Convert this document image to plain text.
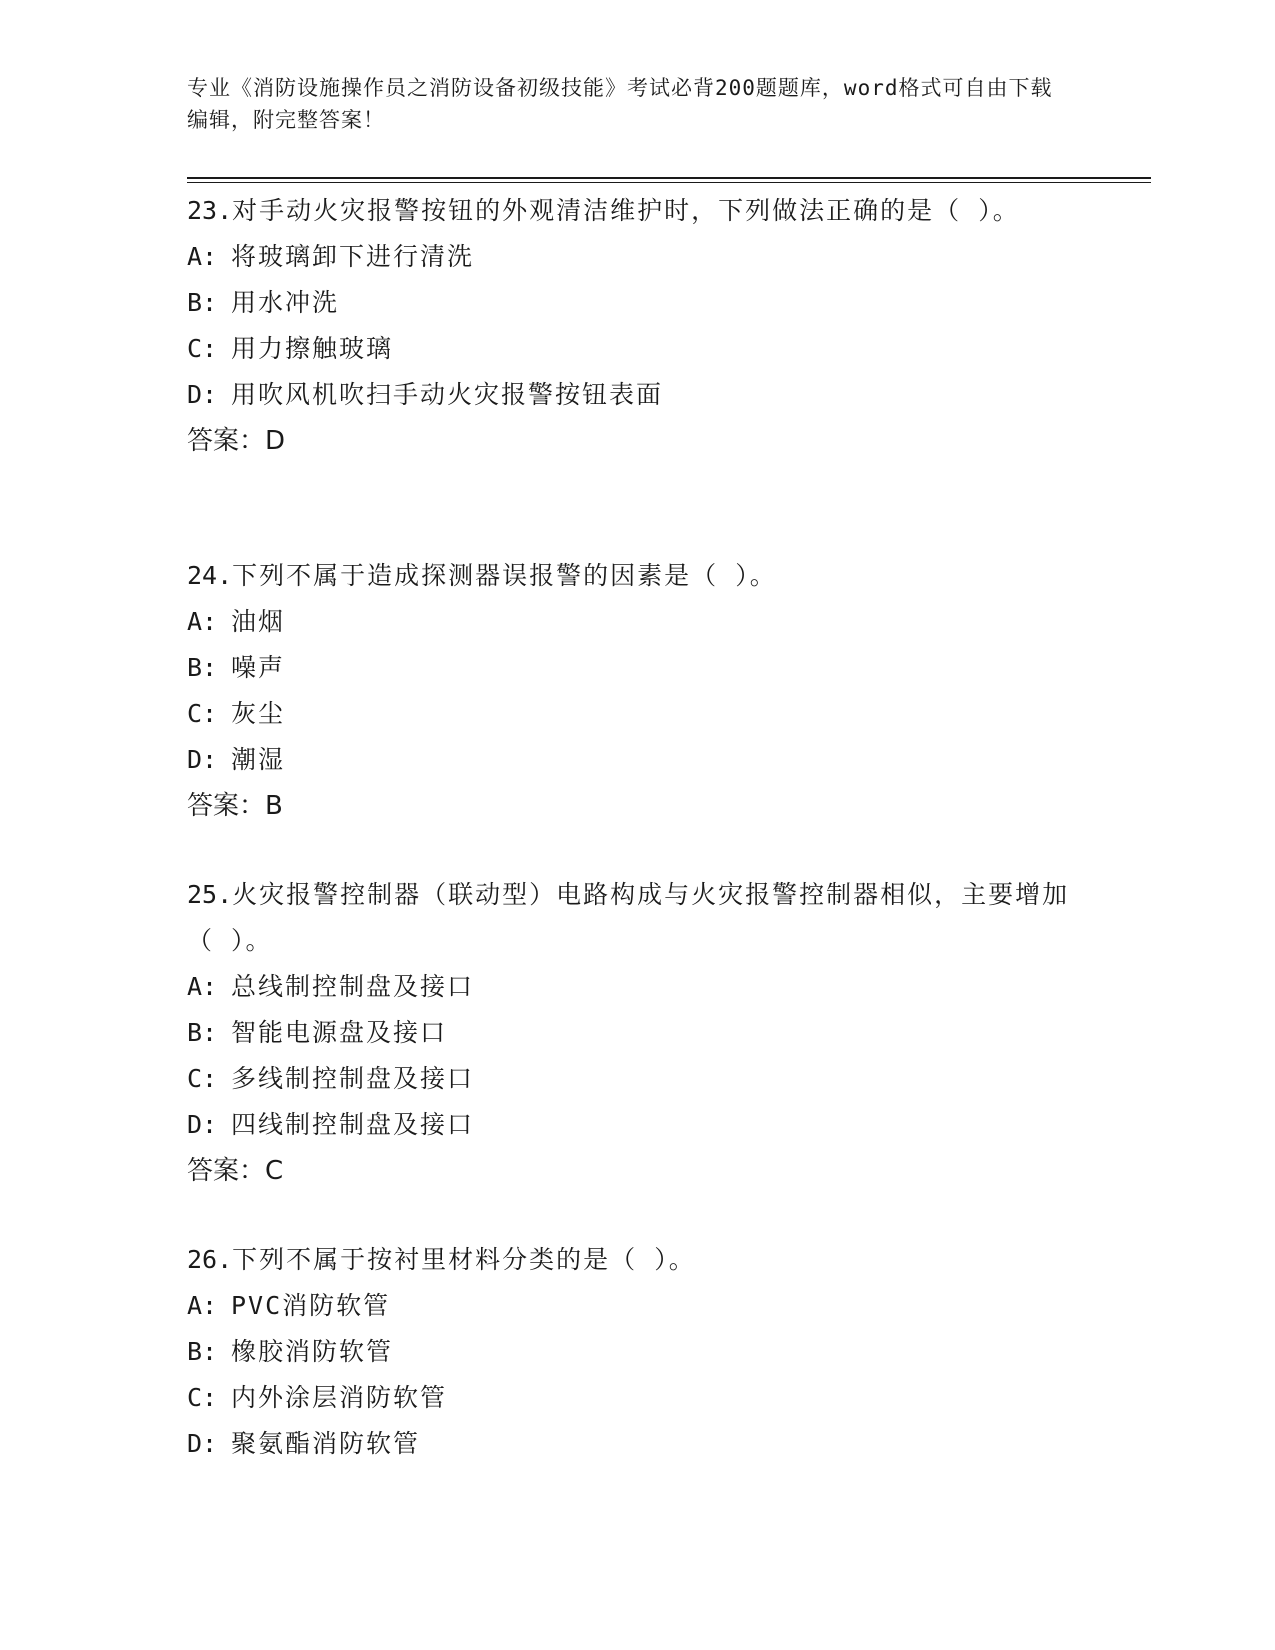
专业《消防设施操作员之消防设备初级技能》考试必背200题题库，word格式可自由下载编辑，附完整答案！

23.对手动火灾报警按钮的外观清洁维护时，下列做法正确的是（ ）。

A: 将玻璃卸下进行清洗

B: 用水冲洗

C: 用力擦触玻璃

D: 用吹风机吹扫手动火灾报警按钮表面

答案：D

24.下列不属于造成探测器误报警的因素是（ ）。

A: 油烟

B: 噪声

C: 灰尘

D: 潮湿

答案：B

25.火灾报警控制器（联动型）电路构成与火灾报警控制器相似，主要增加（ ）。

A: 总线制控制盘及接口

B: 智能电源盘及接口

C: 多线制控制盘及接口

D: 四线制控制盘及接口

答案：C

26.下列不属于按衬里材料分类的是（ ）。

A: PVC消防软管

B: 橡胶消防软管

C: 内外涂层消防软管

D: 聚氨酯消防软管
